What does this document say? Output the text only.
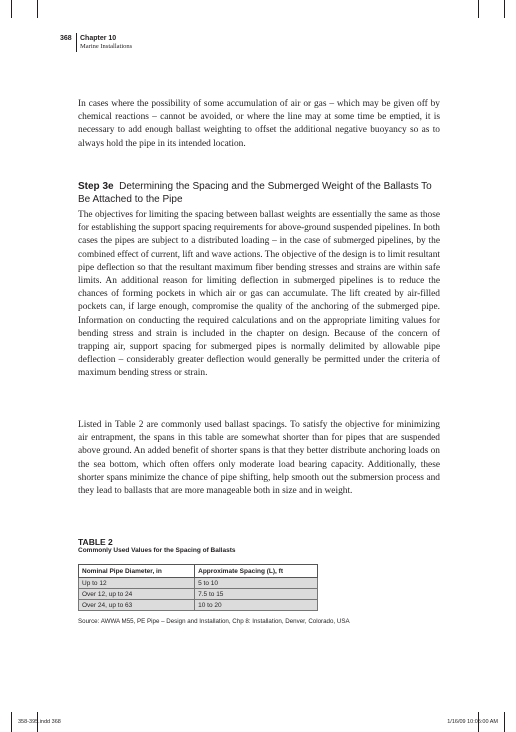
368 Chapter 10
Marine Installations

In cases where the possibility of some accumulation of air or gas – which may be given off by chemical reactions – cannot be avoided, or where the line may at some time be emptied, it is necessary to add enough ballast weighting to offset the additional negative buoyancy so as to always hold the pipe in its intended location.

Step 3e Determining the Spacing and the Submerged Weight of the Ballasts To Be Attached to the Pipe

The objectives for limiting the spacing between ballast weights are essentially the same as those for establishing the support spacing requirements for above-ground suspended pipelines. In both cases the pipes are subject to a distributed loading – in the case of submerged pipelines, by the combined effect of current, lift and wave actions. The objective of the design is to limit resultant pipe deflection so that the resultant maximum fiber bending stresses and strains are within safe limits. An additional reason for limiting deflection in submerged pipelines is to reduce the chances of forming pockets in which air or gas can accumulate. The lift created by air-filled pockets can, if large enough, compromise the quality of the anchoring of the submerged pipe. Information on conducting the required calculations and on the appropriate limiting values for bending stress and strain is included in the chapter on design. Because of the concern of trapping air, support spacing for submerged pipes is normally delimited by allowable pipe deflection – considerably greater deflection would generally be permitted under the criteria of maximum bending stress or strain.

Listed in Table 2 are commonly used ballast spacings. To satisfy the objective for minimizing air entrapment, the spans in this table are somewhat shorter than for pipes that are suspended above ground. An added benefit of shorter spans is that they better distribute anchoring loads on the sea bottom, which often offers only moderate load bearing capacity. Additionally, these shorter spans minimize the chance of pipe shifting, help smooth out the submersion process and they lead to ballasts that are more manageable both in size and in weight.

TABLE 2
Commonly Used Values for the Spacing of Ballasts
Nominal Pipe Diameter, in	Approximate Spacing (L), ft
Up to 12	5 to 10
Over 12, up to 24	7.5 to 15
Over 24, up to 63	10 to 20
Source: AWWA M55, PE Pipe – Design and Installation, Chp 8: Installation, Denver, Colorado, USA
358-395.indd 368	1/16/09 10:05:00 AM
